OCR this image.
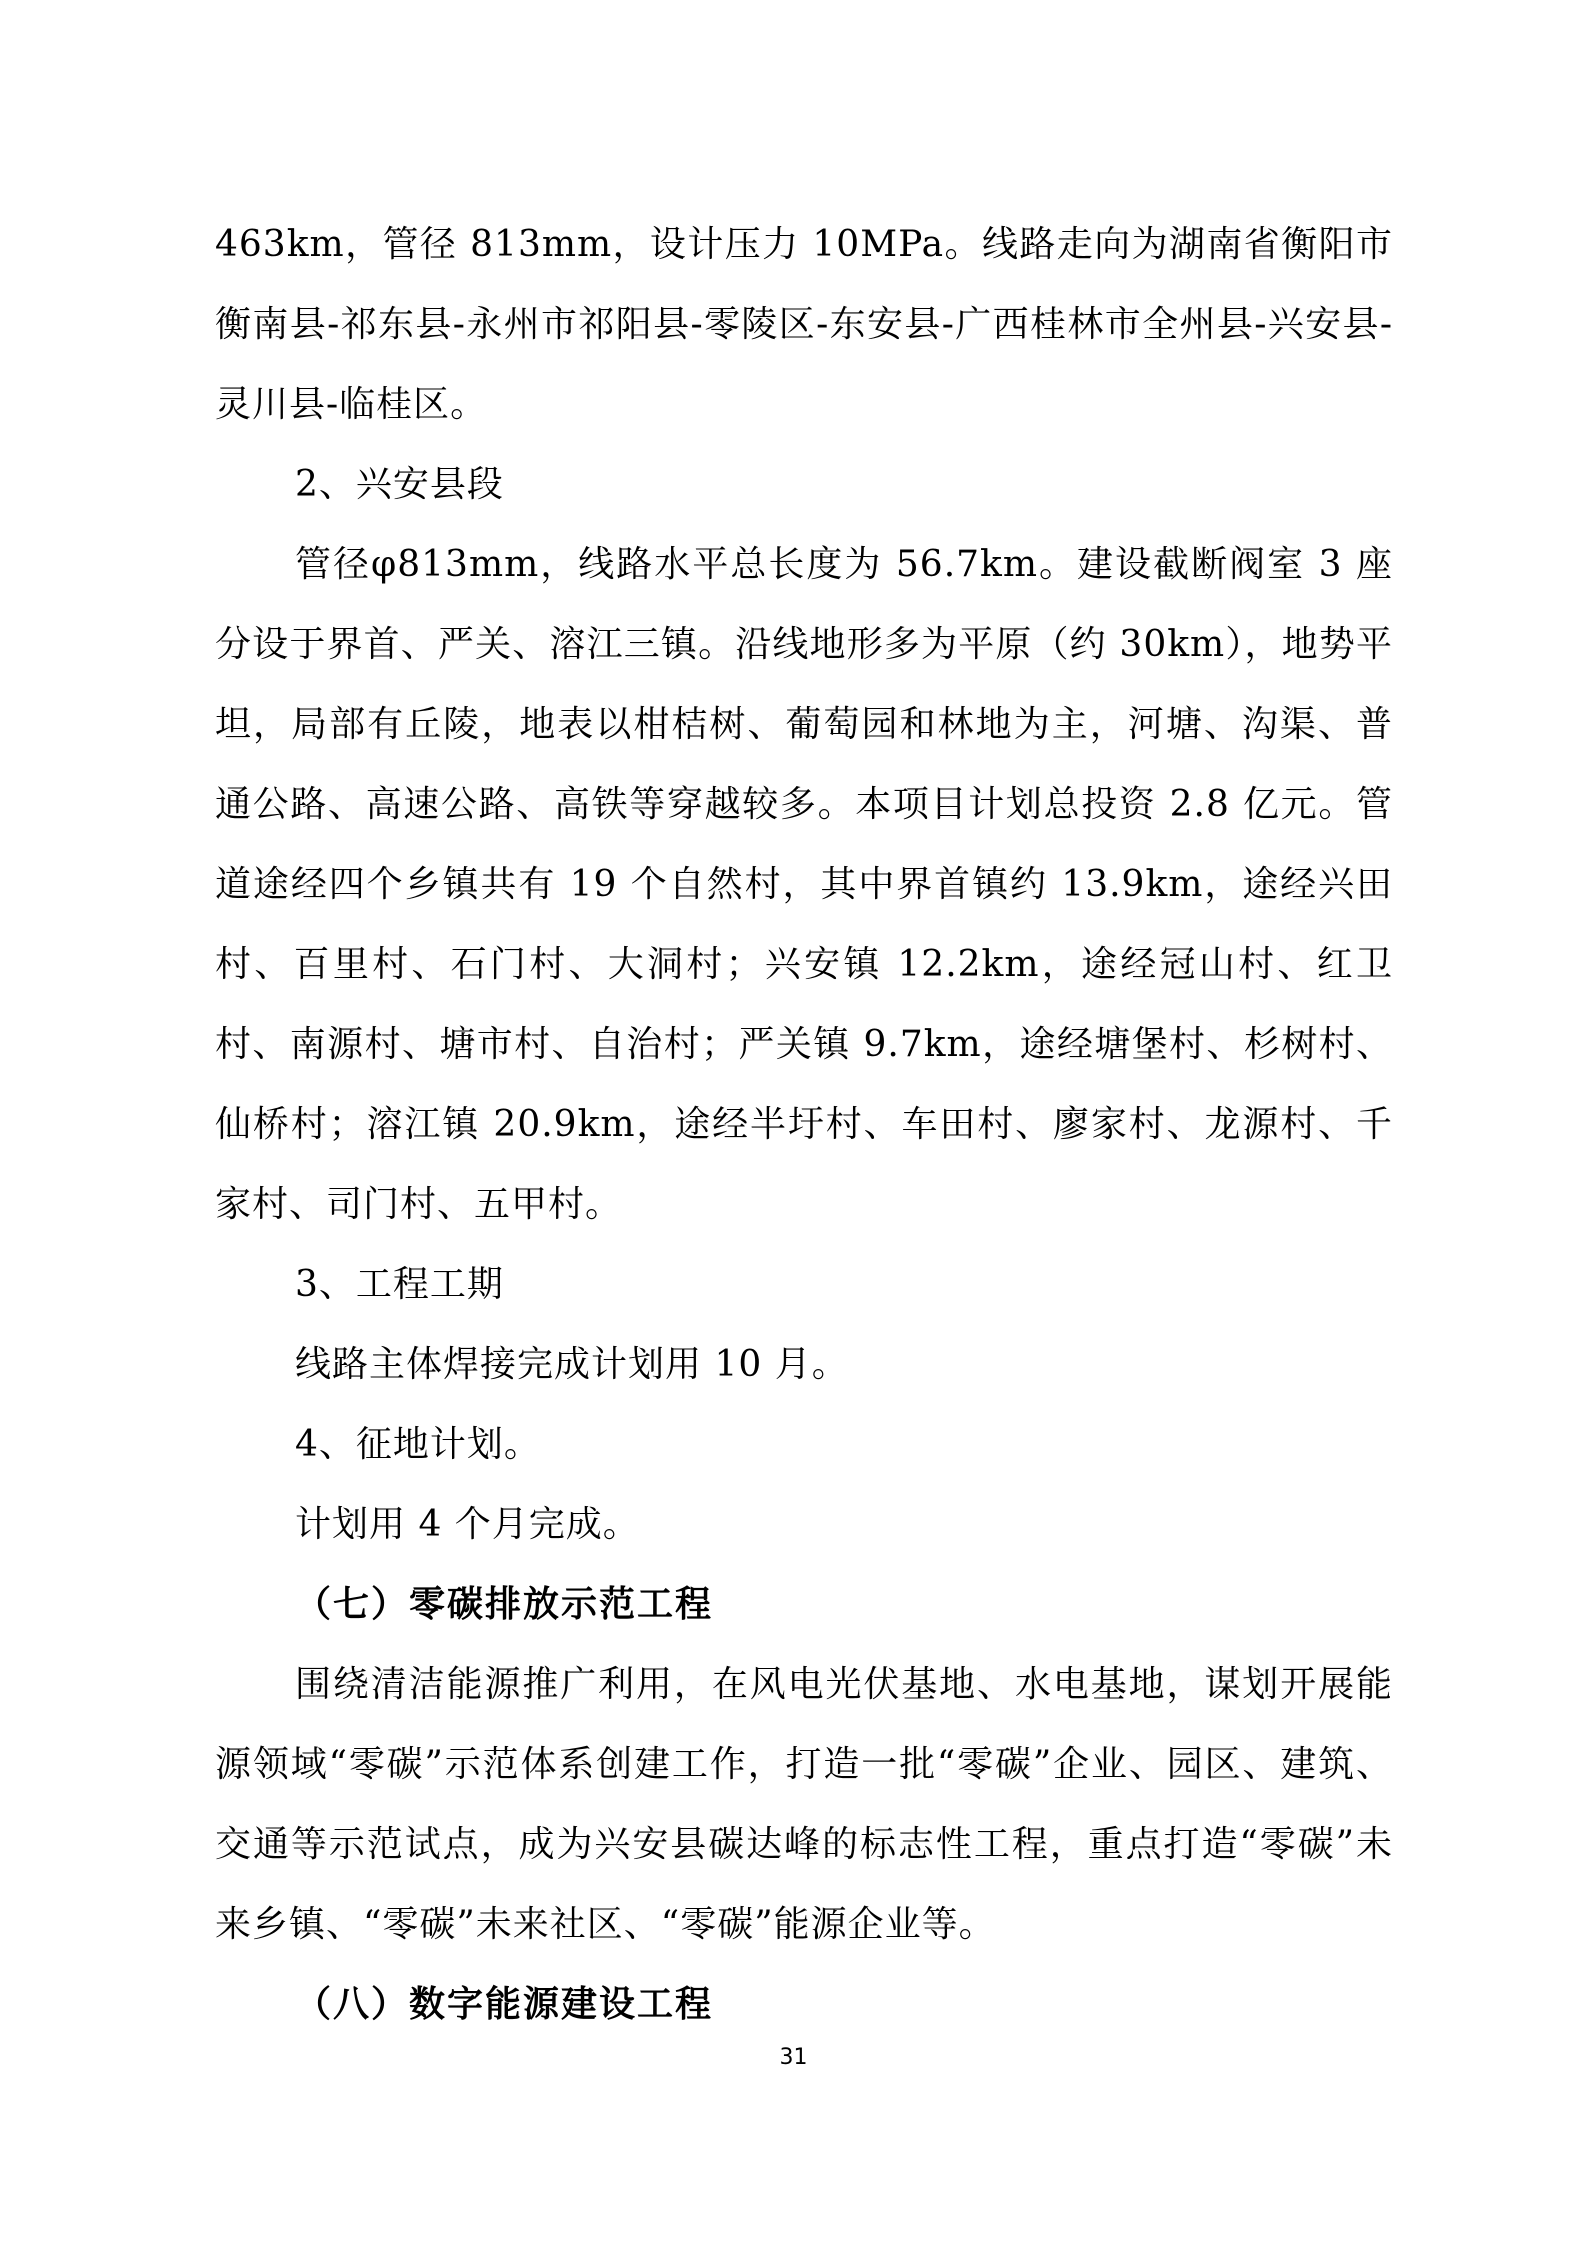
463km，管径 813mm，设计压力 10MPa。线路走向为湖南省衡阳市衡南县-祁东县-永州市祁阳县-零陵区-东安县-广西桂林市全州县-兴安县-灵川县-临桂区。

2、兴安县段

管径φ813mm，线路水平总长度为 56.7km。建设截断阀室 3 座分设于界首、严关、溶江三镇。沿线地形多为平原（约 30km），地势平坦，局部有丘陵，地表以柑桔树、葡萄园和林地为主，河塘、沟渠、普通公路、高速公路、高铁等穿越较多。本项目计划总投资 2.8 亿元。管道途经四个乡镇共有 19 个自然村，其中界首镇约 13.9km，途经兴田村、百里村、石门村、大洞村；兴安镇 12.2km，途经冠山村、红卫村、南源村、塘市村、自治村；严关镇 9.7km，途经塘堡村、杉树村、仙桥村；溶江镇 20.9km，途经半圩村、车田村、廖家村、龙源村、千家村、司门村、五甲村。

3、工程工期

线路主体焊接完成计划用 10 月。

4、征地计划。

计划用 4 个月完成。

（七）零碳排放示范工程

围绕清洁能源推广利用，在风电光伏基地、水电基地，谋划开展能源领域“零碳”示范体系创建工作，打造一批“零碳”企业、园区、建筑、交通等示范试点，成为兴安县碳达峰的标志性工程，重点打造“零碳”未来乡镇、“零碳”未来社区、“零碳”能源企业等。

（八）数字能源建设工程

31
